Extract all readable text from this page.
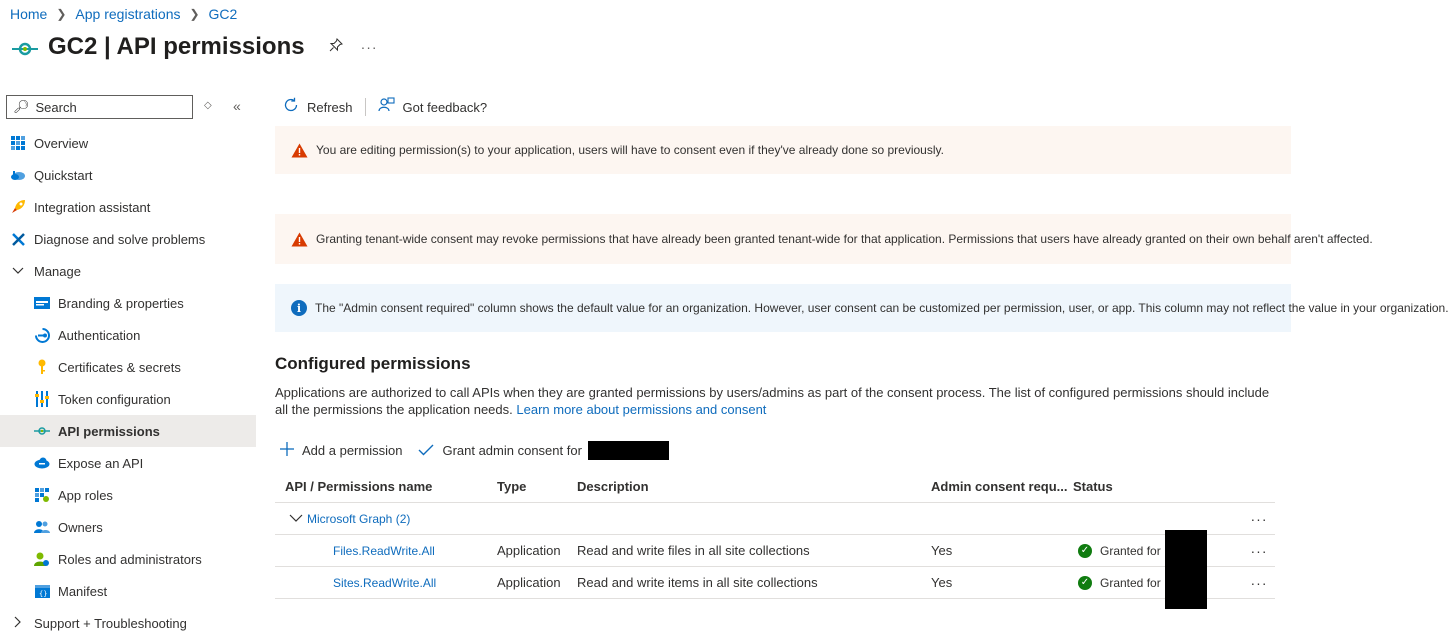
Home ❯ App registrations ❯ GC2
GC2 | API permissions	···
🔍︎
Search	◇ «
Overview
Quickstart
Integration assistant
Diagnose and solve problems
Manage
Branding & properties
Authentication
Certificates & secrets
Token configuration
API permissions
Expose an API
App roles
Owners
Roles and administrators
{} Manifest
Support + Troubleshooting
Refresh	Got feedback?
You are editing permission(s) to your application, users will have to consent even if they've already done so previously.
Granting tenant-wide consent may revoke permissions that have already been granted tenant-wide for that application. Permissions that users have already granted on their own behalf aren't affected.
i	The "Admin consent required" column shows the default value for an organization. However, user consent can be customized per permission, user, or app. This column may not reflect the value in your organization.
Configured permissions

Applications are authorized to call APIs when they are granted permissions by users/admins as part of the consent process. The list of configured permissions should include all the permissions the application needs. Learn more about permissions and consent

Add a permission	Grant admin consent for
API / Permissions name	Type	Description	Admin consent requ... Status
Microsoft Graph (2)	···
Files.ReadWrite.All	Application	Read and write files in all site collections	Yes	✓ Granted for	···
Sites.ReadWrite.All	Application	Read and write items in all site collections	Yes	✓ Granted for	···
